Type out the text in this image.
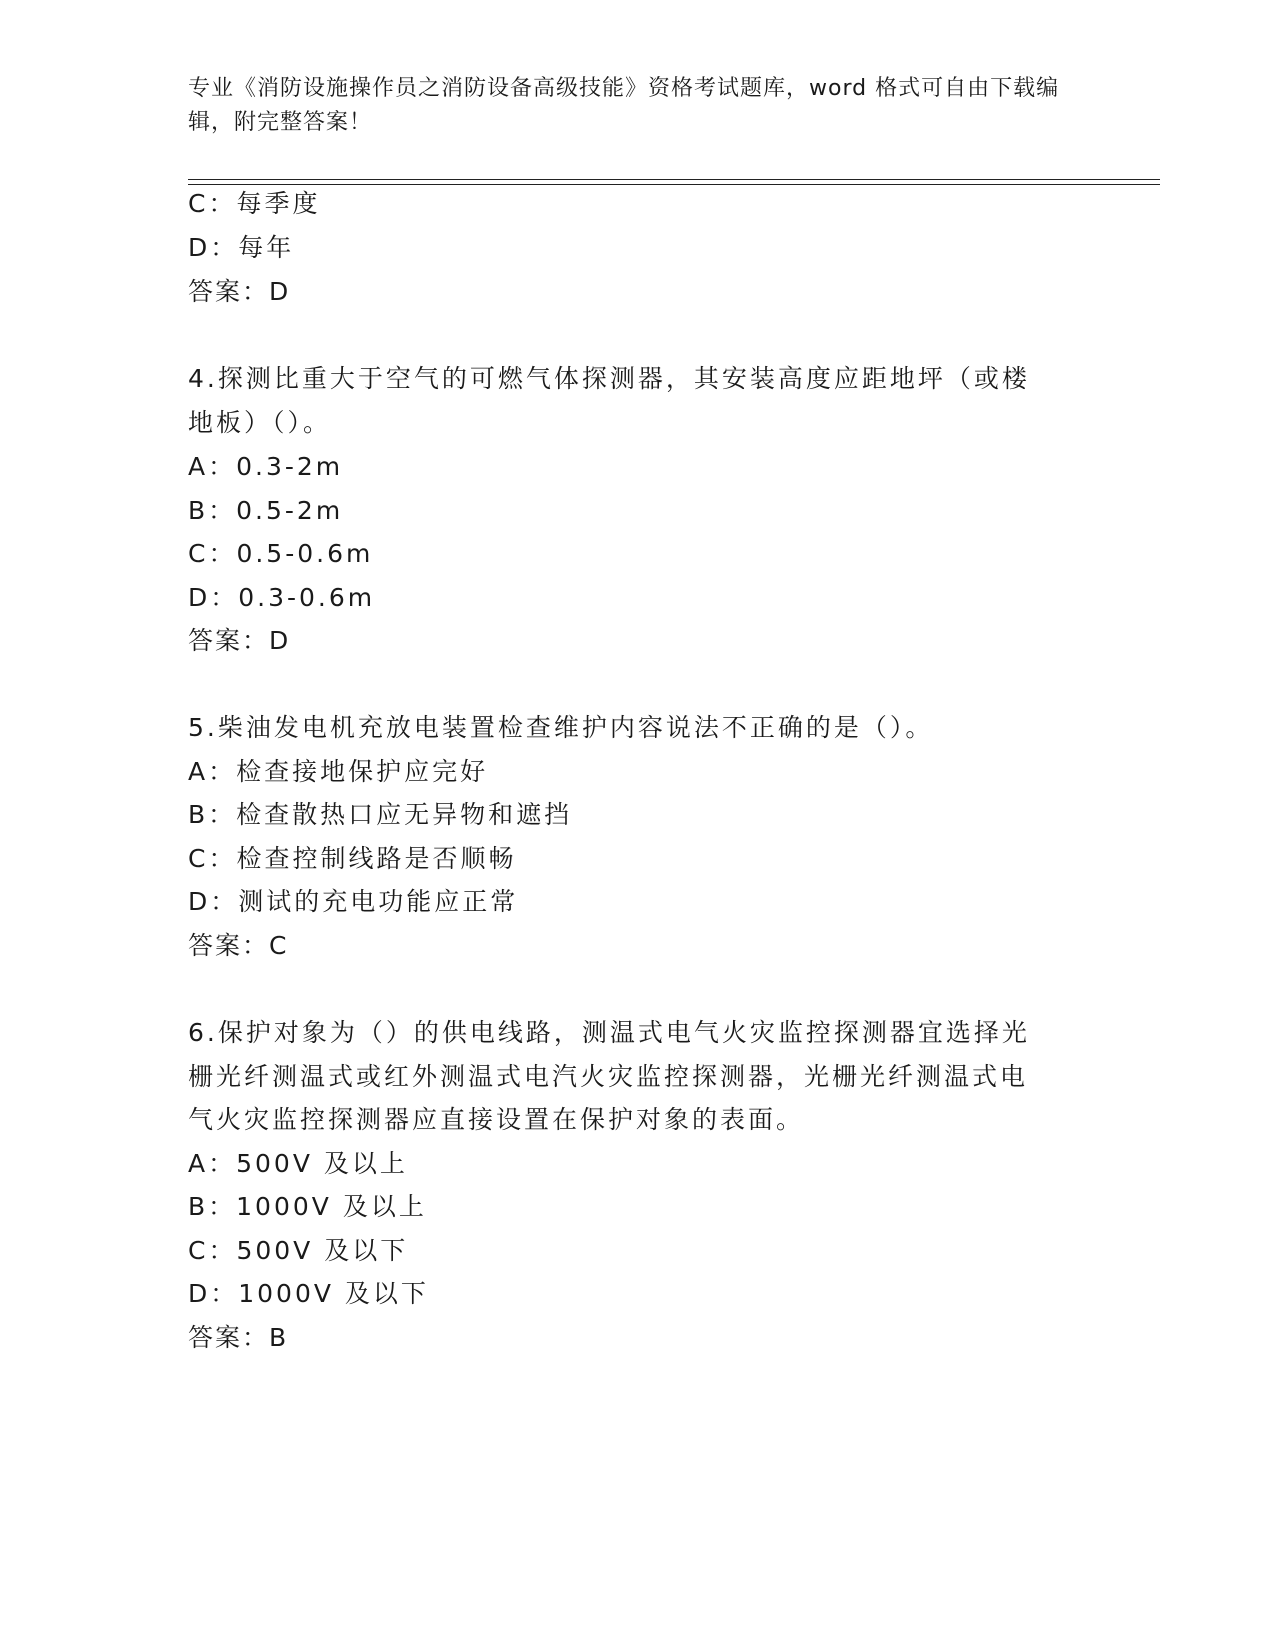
专业《消防设施操作员之消防设备高级技能》资格考试题库，word 格式可自由下载编辑，附完整答案！
C：每季度
D：每年
答案：D
4.探测比重大于空气的可燃气体探测器，其安装高度应距地坪（或楼
地板）（）。
A：0.3-2m
B：0.5-2m
C：0.5-0.6m
D：0.3-0.6m
答案：D
5.柴油发电机充放电装置检查维护内容说法不正确的是（）。
A：检查接地保护应完好
B：检查散热口应无异物和遮挡
C：检查控制线路是否顺畅
D：测试的充电功能应正常
答案：C
6.保护对象为（）的供电线路，测温式电气火灾监控探测器宜选择光
栅光纤测温式或红外测温式电汽火灾监控探测器，光栅光纤测温式电
气火灾监控探测器应直接设置在保护对象的表面。
A：500V 及以上
B：1000V 及以上
C：500V 及以下
D：1000V 及以下
答案：B
